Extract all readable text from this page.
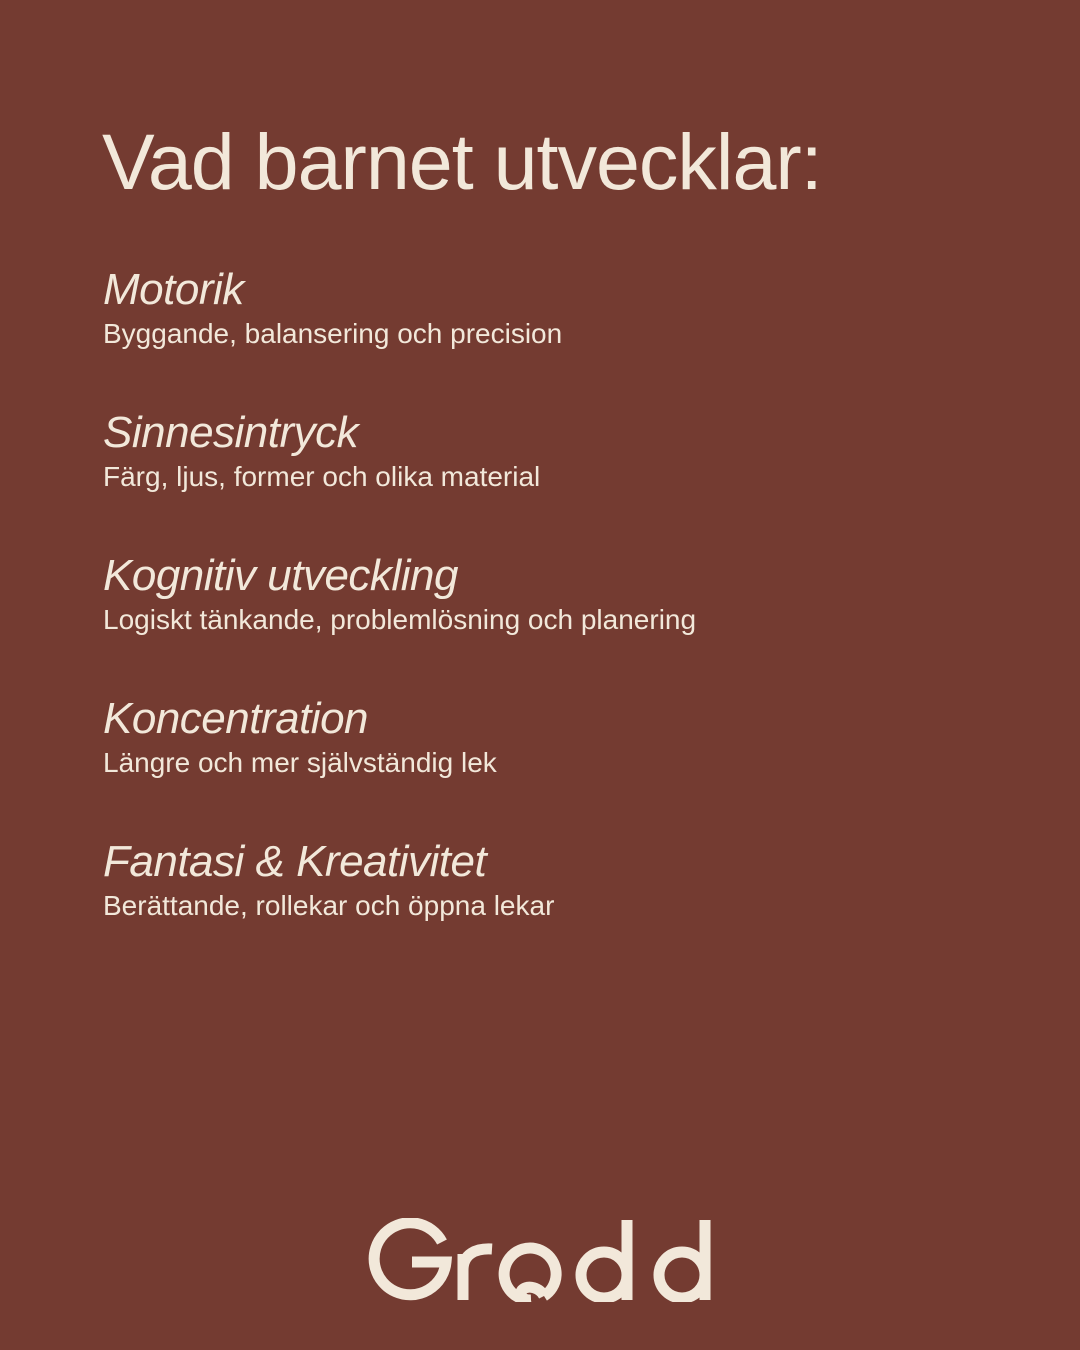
Vad barnet utvecklar:
Motorik
Byggande, balansering och precision
Sinnesintryck
Färg, ljus, former och olika material
Kognitiv utveckling
Logiskt tänkande, problemlösning och planering
Koncentration
Längre och mer självständig lek
Fantasi & Kreativitet
Berättande, rollekar och öppna lekar
